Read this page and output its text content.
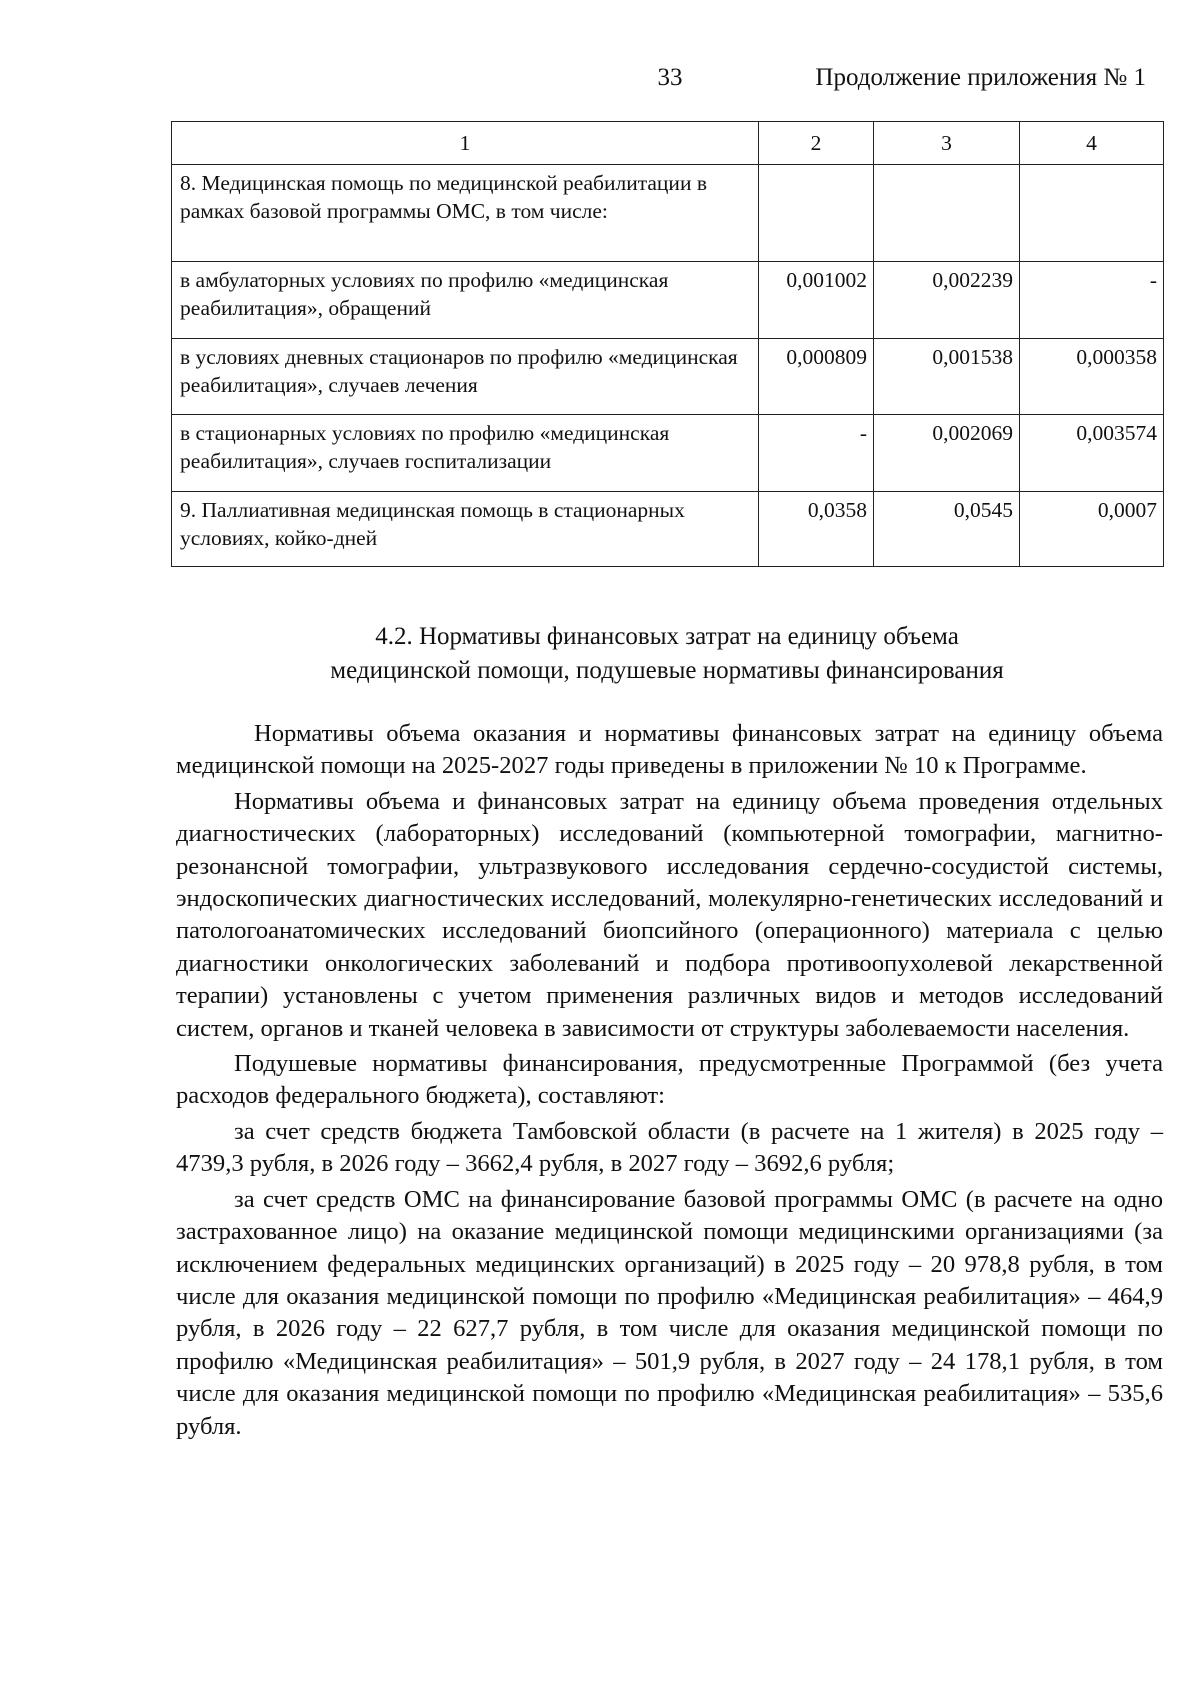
33	Продолжение приложения № 1
1	2	3	4
8. Медицинская помощь по медицинской реабилитации в рамках базовой программы ОМС, в том числе:			
в амбулаторных условиях по профилю «медицинская реабилитация», обращений	0,001002	0,002239	-
в условиях дневных стационаров по профилю «медицинская реабилитация», случаев лечения	0,000809	0,001538	0,000358
в стационарных условиях по профилю «медицинская реабилитация», случаев госпитализации	-	0,002069	0,003574
9. Паллиативная медицинская помощь в стационарных условиях, койко-дней	0,0358	0,0545	0,0007
4.2. Нормативы финансовых затрат на единицу объема
медицинской помощи, подушевые нормативы финансирования

Нормативы объема оказания и нормативы финансовых затрат на единицу объема медицинской помощи на 2025-2027 годы приведены в приложении № 10 к Программе.

Нормативы объема и финансовых затрат на единицу объема проведения отдельных диагностических (лабораторных) исследований (компьютерной томографии, магнитно-резонансной томографии, ультразвукового исследования сердечно-сосудистой системы, эндоскопических диагностических исследований, молекулярно-генетических исследований и патологоанатомических исследований биопсийного (операционного) материала с целью диагностики онкологических заболеваний и подбора противоопухолевой лекарственной терапии) установлены с учетом применения различных видов и методов исследований систем, органов и тканей человека в зависимости от структуры заболеваемости населения.

Подушевые нормативы финансирования, предусмотренные Программой (без учета расходов федерального бюджета), составляют:

за счет средств бюджета Тамбовской области (в расчете на 1 жителя) в 2025 году – 4739,3 рубля, в 2026 году – 3662,4 рубля, в 2027 году – 3692,6 рубля;

за счет средств ОМС на финансирование базовой программы ОМС (в расчете на одно застрахованное лицо) на оказание медицинской помощи медицинскими организациями (за исключением федеральных медицинских организаций) в 2025 году – 20 978,8 рубля, в том числе для оказания медицинской помощи по профилю «Медицинская реабилитация» – 464,9 рубля, в 2026 году – 22 627,7 рубля, в том числе для оказания медицинской помощи по профилю «Медицинская реабилитация» – 501,9 рубля, в 2027 году – 24 178,1 рубля, в том числе для оказания медицинской помощи по профилю «Медицинская реабилитация» – 535,6 рубля.
